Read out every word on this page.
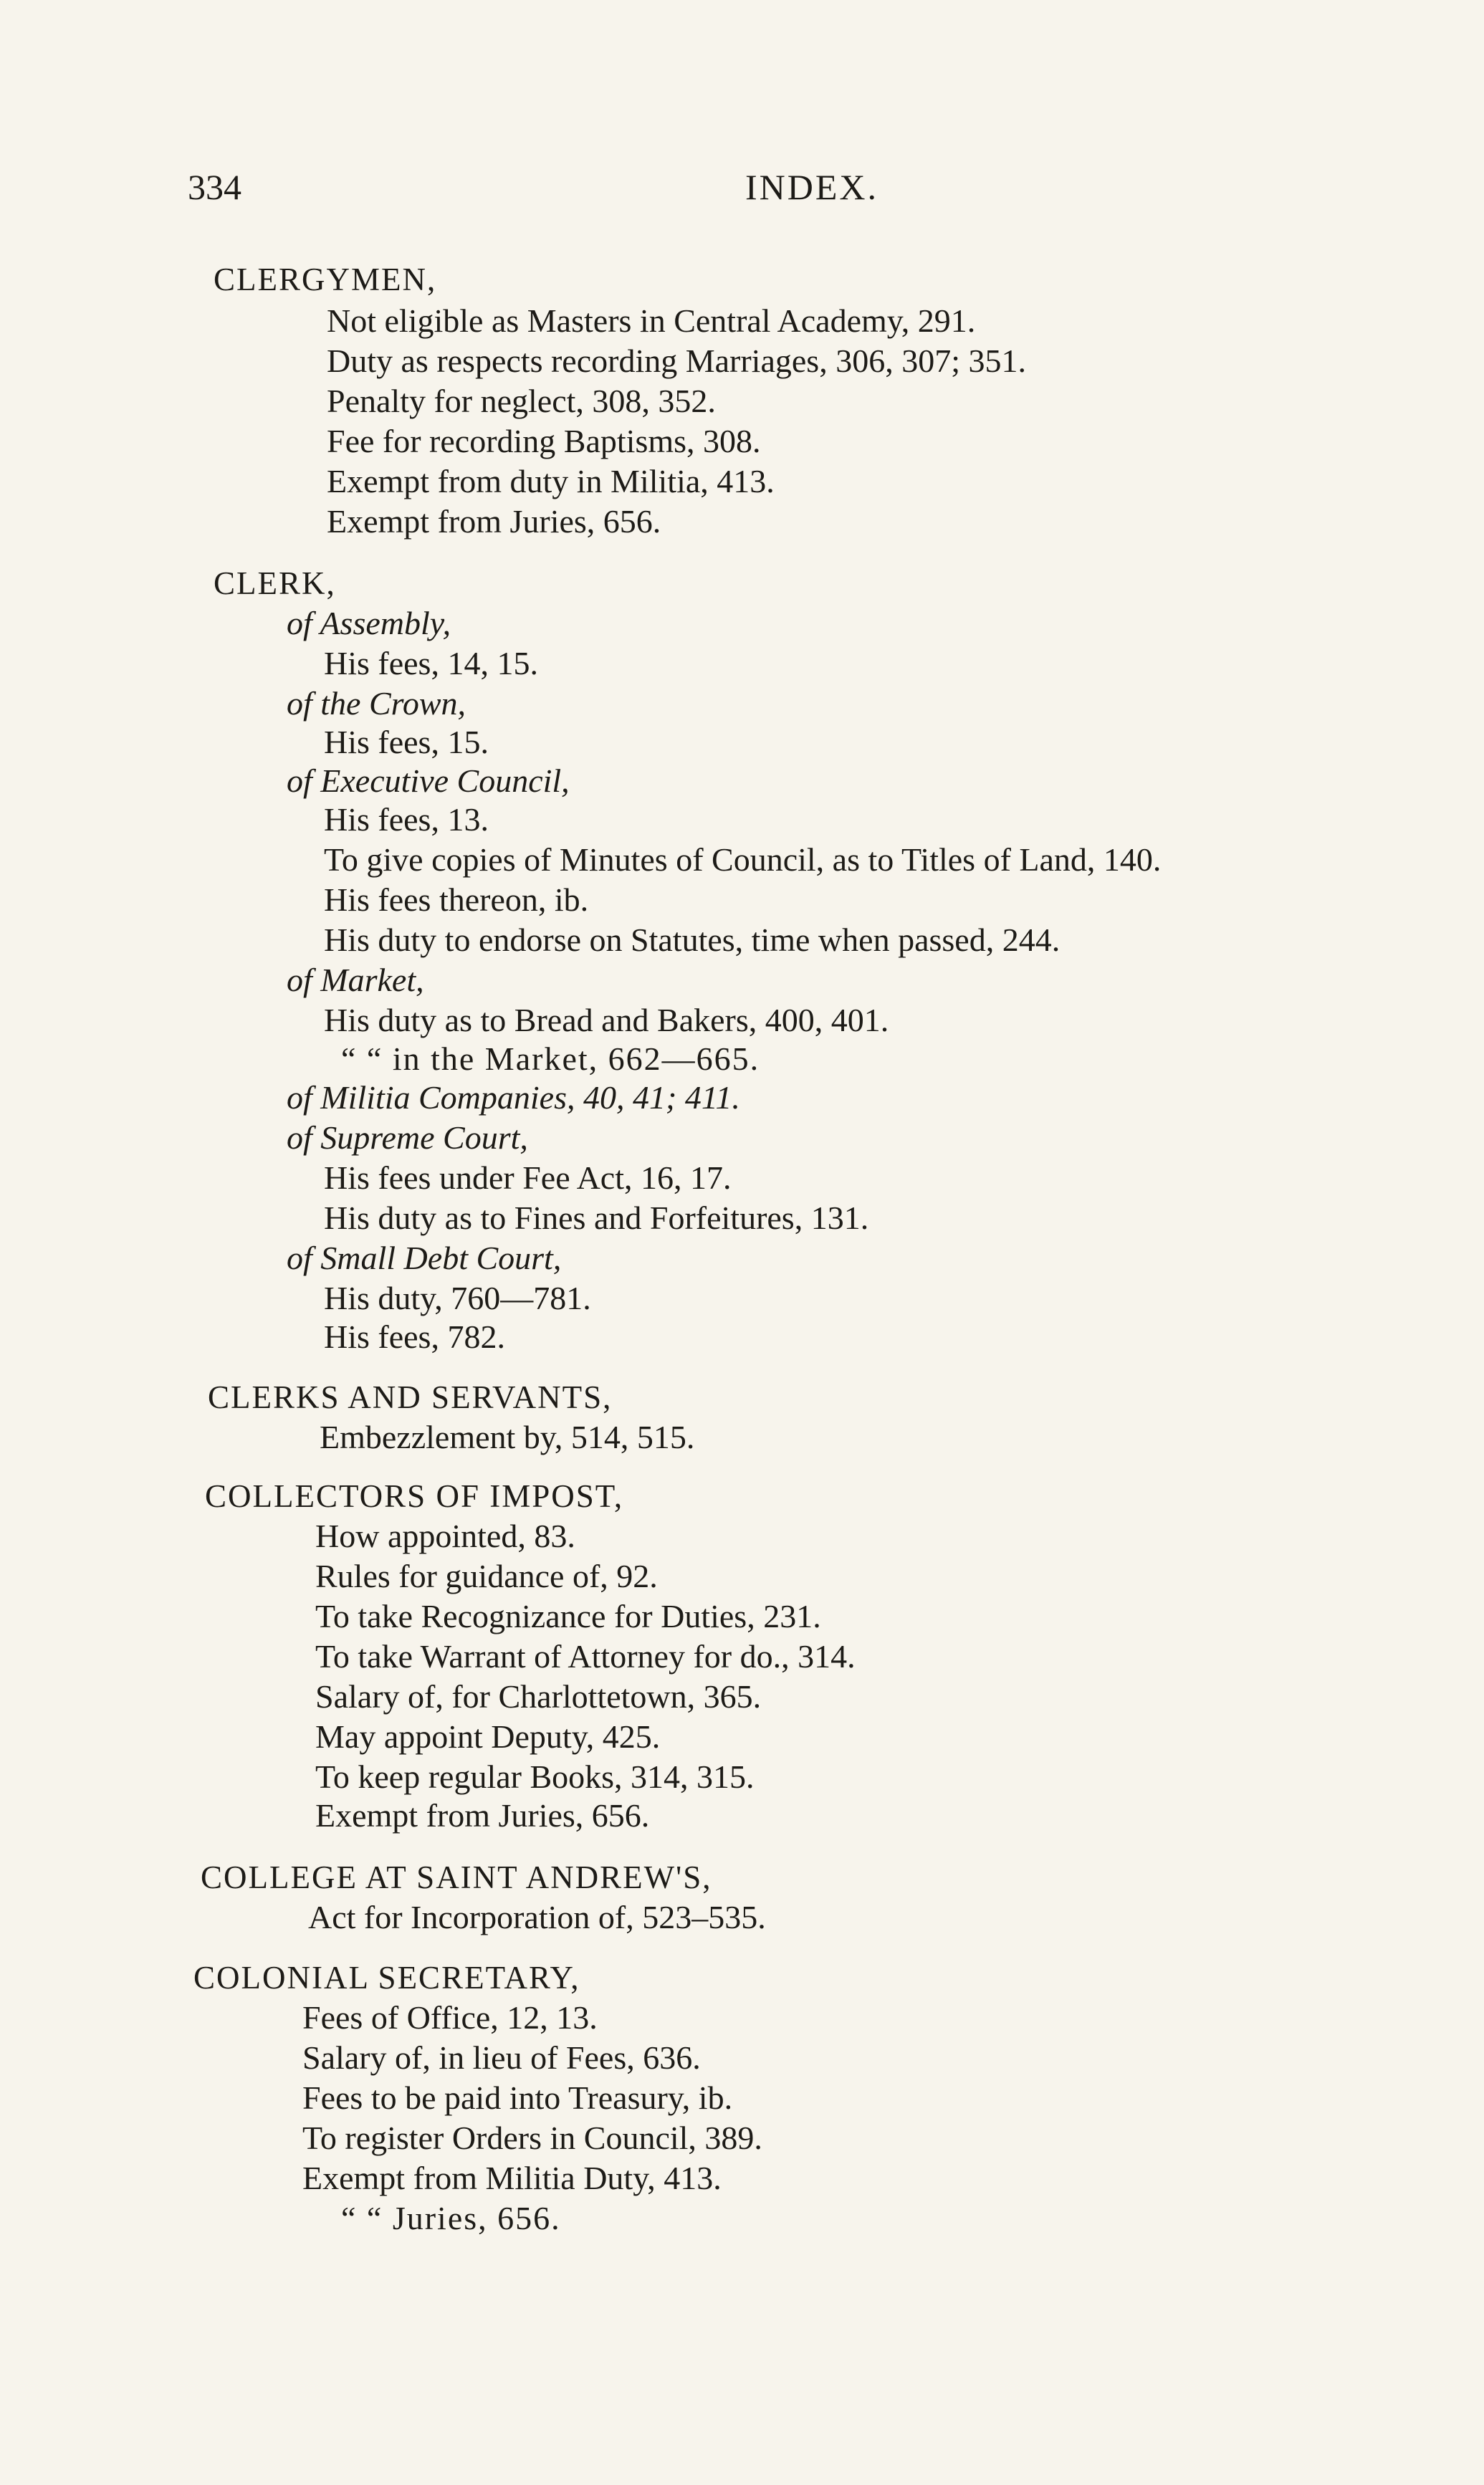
334	INDEX.
CLERGYMEN,
Not eligible as Masters in Central Academy, 291.
Duty as respects recording Marriages, 306, 307; 351.
Penalty for neglect, 308, 352.
Fee for recording Baptisms, 308.
Exempt from duty in Militia, 413.
Exempt from Juries, 656.
CLERK,
of Assembly,
His fees, 14, 15.
of the Crown,
His fees, 15.
of Executive Council,
His fees, 13.
To give copies of Minutes of Council, as to Titles of Land, 140.
His fees thereon, ib.
His duty to endorse on Statutes, time when passed, 244.
of Market,
His duty as to Bread and Bakers, 400, 401.
“ “ in the Market, 662—665.
of Militia Companies, 40, 41; 411.
of Supreme Court,
His fees under Fee Act, 16, 17.
His duty as to Fines and Forfeitures, 131.
of Small Debt Court,
His duty, 760—781.
His fees, 782.
CLERKS AND SERVANTS,
Embezzlement by, 514, 515.
COLLECTORS OF IMPOST,
How appointed, 83.
Rules for guidance of, 92.
To take Recognizance for Duties, 231.
To take Warrant of Attorney for do., 314.
Salary of, for Charlottetown, 365.
May appoint Deputy, 425.
To keep regular Books, 314, 315.
Exempt from Juries, 656.
COLLEGE AT SAINT ANDREW'S,
Act for Incorporation of, 523–535.
COLONIAL SECRETARY,
Fees of Office, 12, 13.
Salary of, in lieu of Fees, 636.
Fees to be paid into Treasury, ib.
To register Orders in Council, 389.
Exempt from Militia Duty, 413.
“ “ Juries, 656.
